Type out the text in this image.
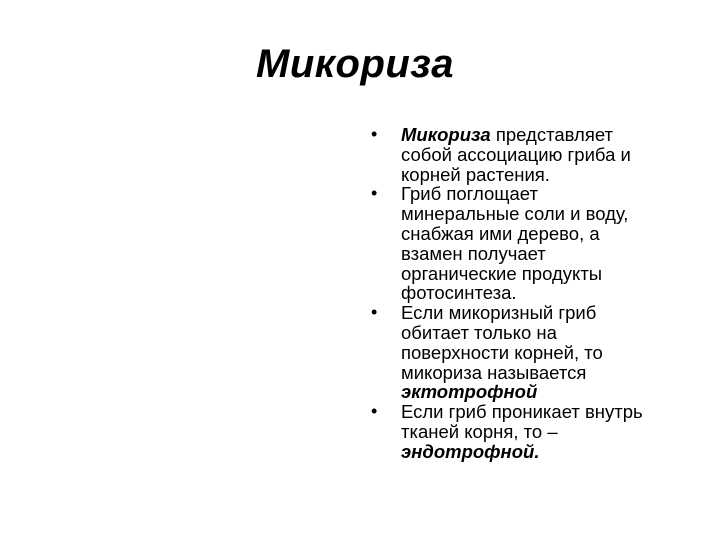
Микориза
•	Микориза представляет
собой ассоциацию гриба и
корней растения.
•	Гриб поглощает
минеральные соли и воду,
снабжая ими дерево, а
взамен получает
органические продукты
фотосинтеза.
•	Если микоризный гриб
обитает только на
поверхности корней, то
микориза называется
эктотрофной
•	Если гриб проникает внутрь
тканей корня, то –
эндотрофной.
